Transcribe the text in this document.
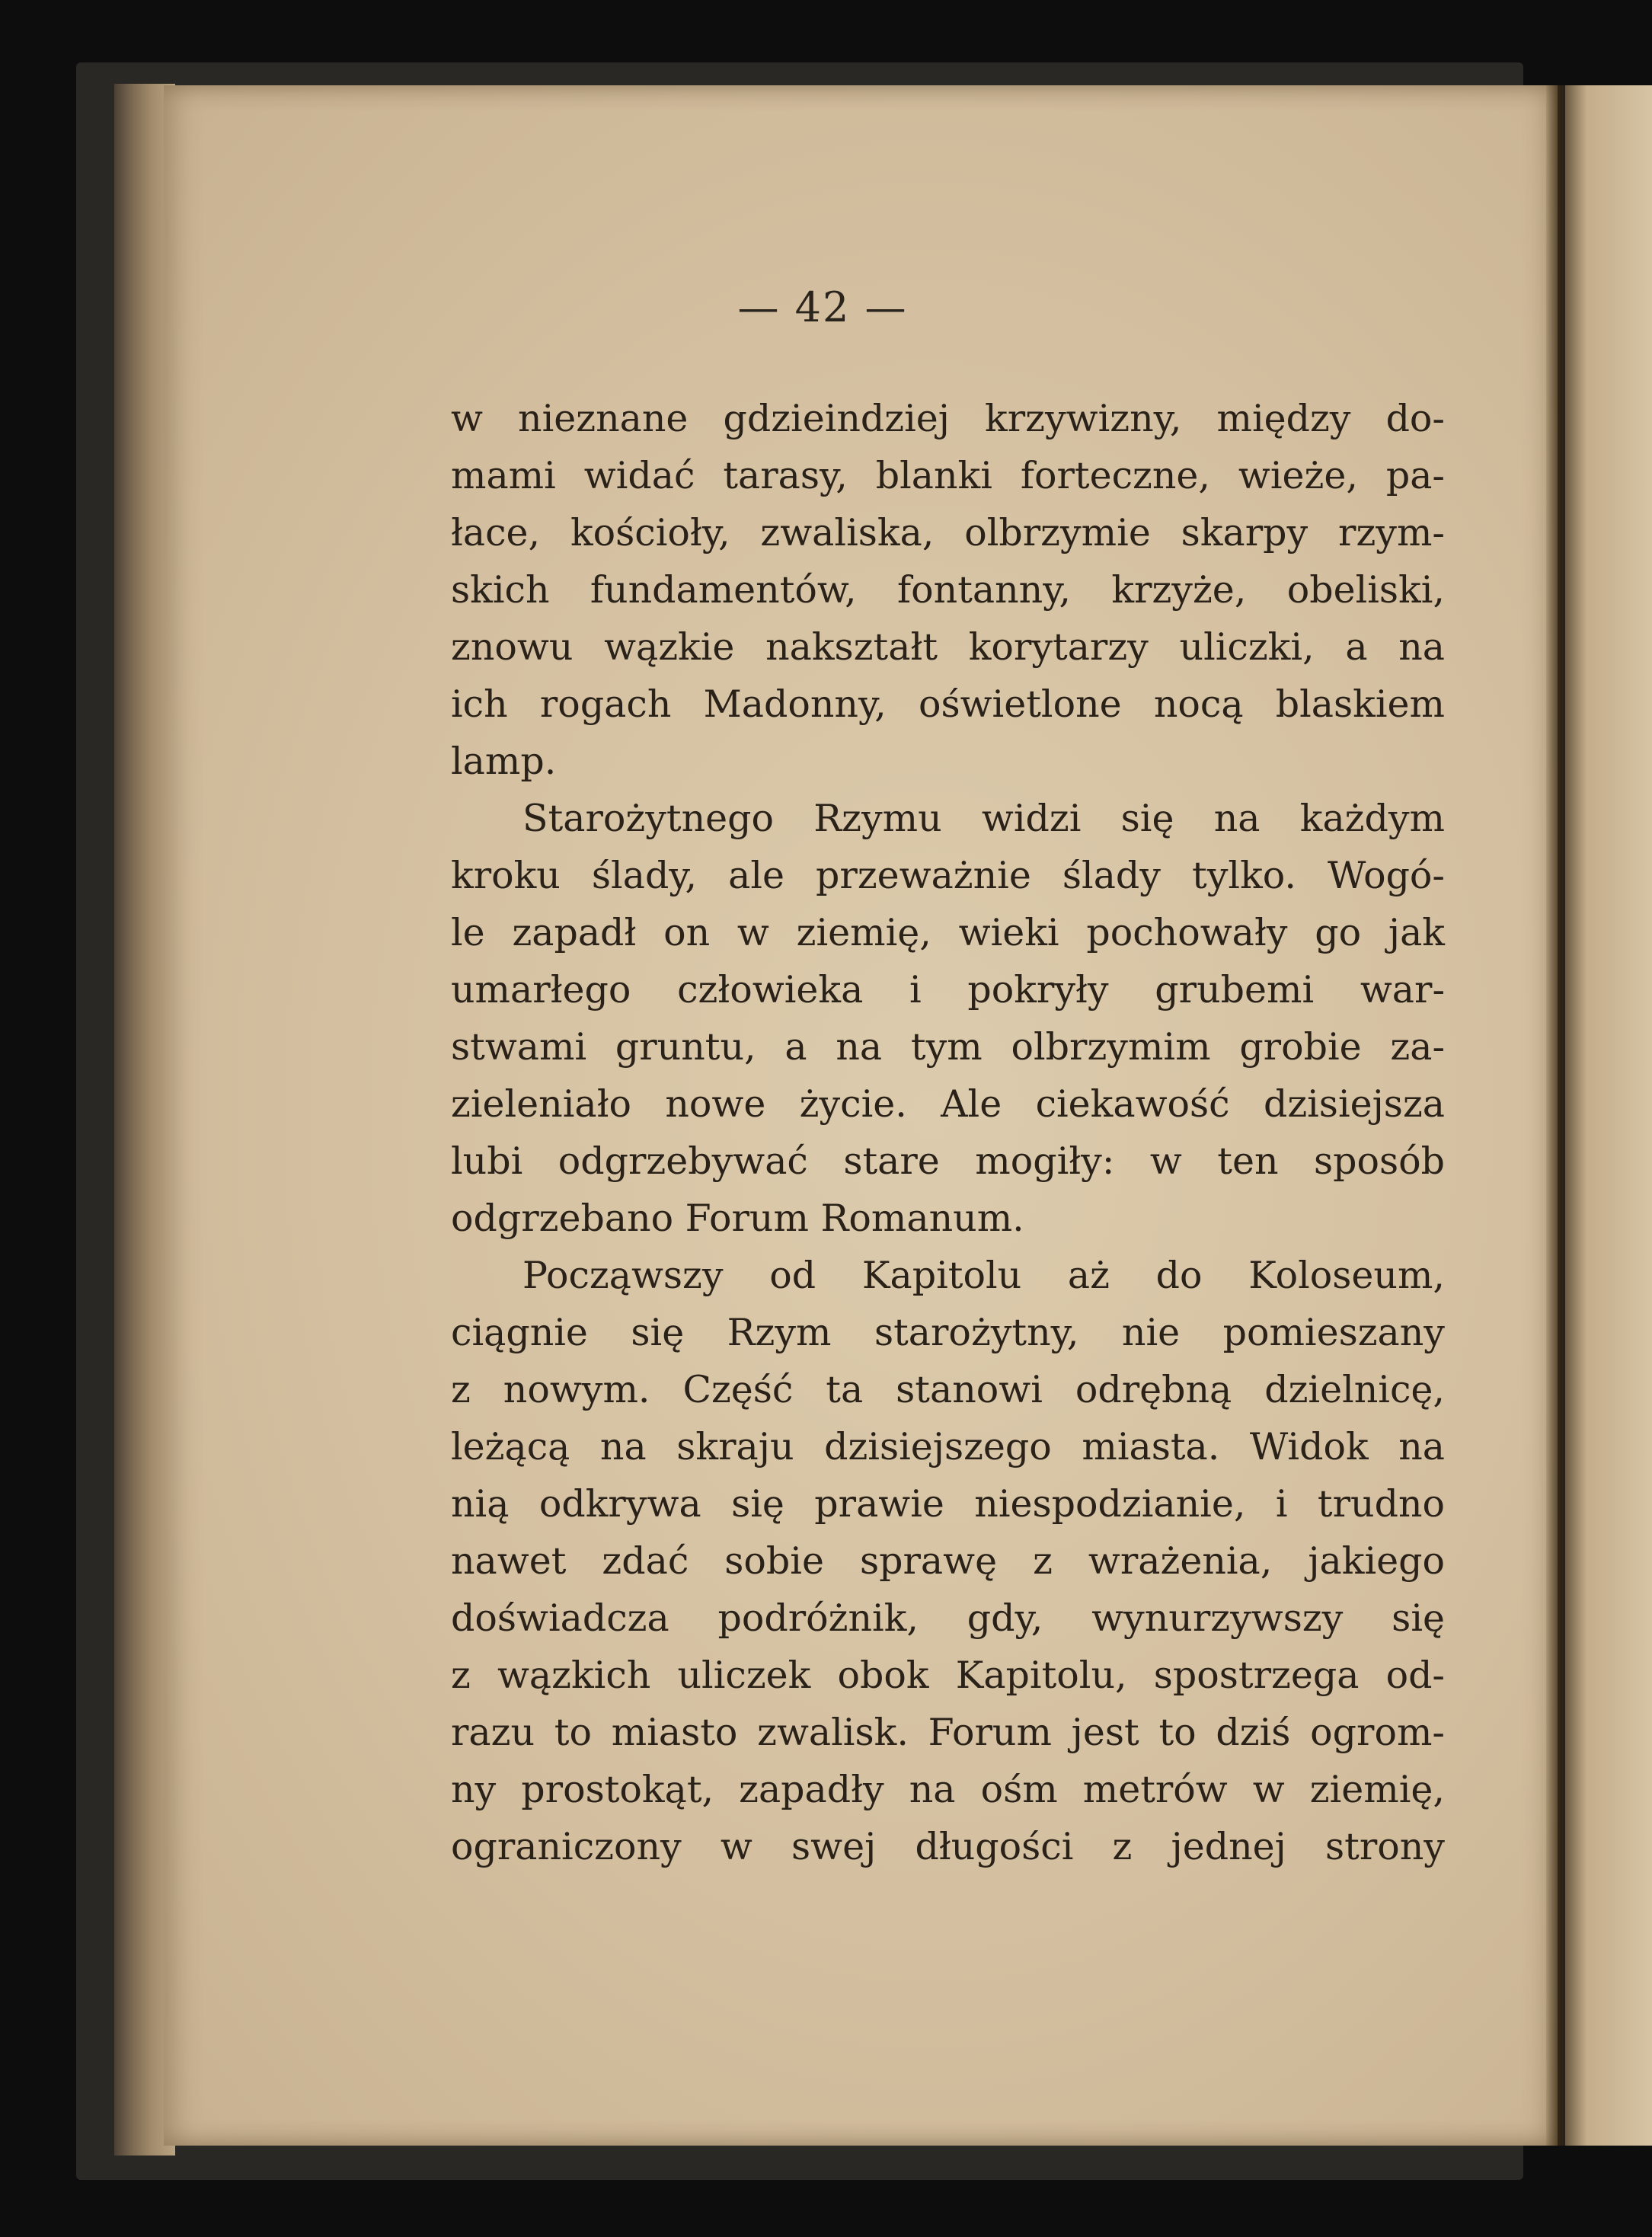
— 42 —
w nieznane gdzieindziej krzywizny, między do-
mami widać tarasy, blanki forteczne, wieże, pa-
łace, kościoły, zwaliska, olbrzymie skarpy rzym-
skich fundamentów, fontanny, krzyże, obeliski,
znowu wązkie nakształt korytarzy uliczki, a na
ich rogach Madonny, oświetlone nocą blaskiem
lamp.
Starożytnego Rzymu widzi się na każdym
kroku ślady, ale przeważnie ślady tylko. Wogó-
le zapadł on w ziemię, wieki pochowały go jak
umarłego człowieka i pokryły grubemi war-
stwami gruntu, a na tym olbrzymim grobie za-
zieleniało nowe życie. Ale ciekawość dzisiejsza
lubi odgrzebywać stare mogiły: w ten sposób
odgrzebano Forum Romanum.
Począwszy od Kapitolu aż do Koloseum,
ciągnie się Rzym starożytny, nie pomieszany
z nowym. Część ta stanowi odrębną dzielnicę,
leżącą na skraju dzisiejszego miasta. Widok na
nią odkrywa się prawie niespodzianie, i trudno
nawet zdać sobie sprawę z wrażenia, jakiego
doświadcza podróżnik, gdy, wynurzywszy się
z wązkich uliczek obok Kapitolu, spostrzega od-
razu to miasto zwalisk. Forum jest to dziś ogrom-
ny prostokąt, zapadły na ośm metrów w ziemię,
ograniczony w swej długości z jednej strony
